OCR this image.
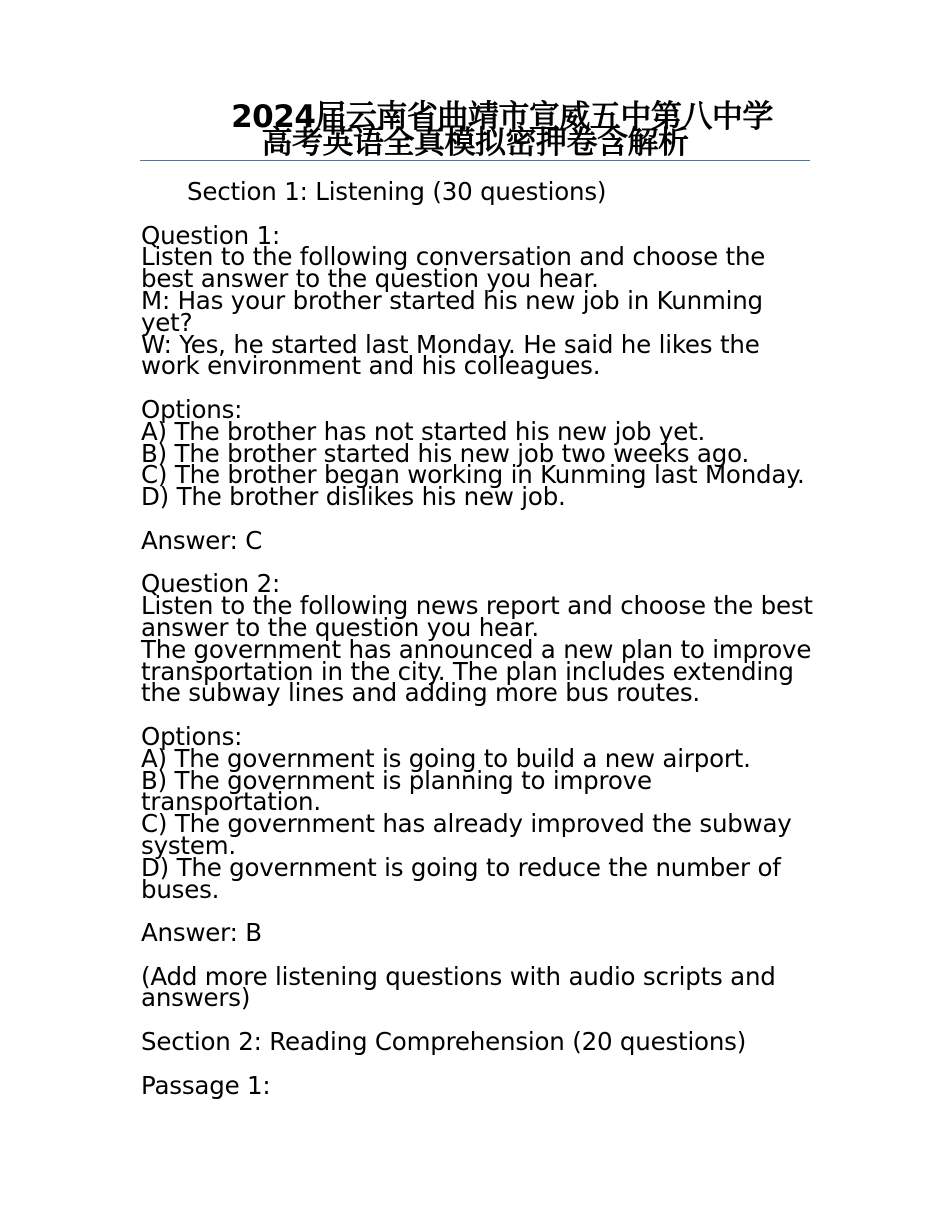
2024届云南省曲靖市宣威五中第八中学
高考英语全真模拟密押卷含解析

Section 1: Listening (30 questions)

Question 1:

Listen to the following conversation and choose the

best answer to the question you hear.

M: Has your brother started his new job in Kunming

yet?

W: Yes, he started last Monday. He said he likes the

work environment and his colleagues.

Options:

A) The brother has not started his new job yet.

B) The brother started his new job two weeks ago.

C) The brother began working in Kunming last Monday.

D) The brother dislikes his new job.

Answer: C

Question 2:

Listen to the following news report and choose the best

answer to the question you hear.

The government has announced a new plan to improve

transportation in the city. The plan includes extending

the subway lines and adding more bus routes.

Options:

A) The government is going to build a new airport.

B) The government is planning to improve

transportation.

C) The government has already improved the subway

system.

D) The government is going to reduce the number of

buses.

Answer: B

(Add more listening questions with audio scripts and

answers)

Section 2: Reading Comprehension (20 questions)

Passage 1:
